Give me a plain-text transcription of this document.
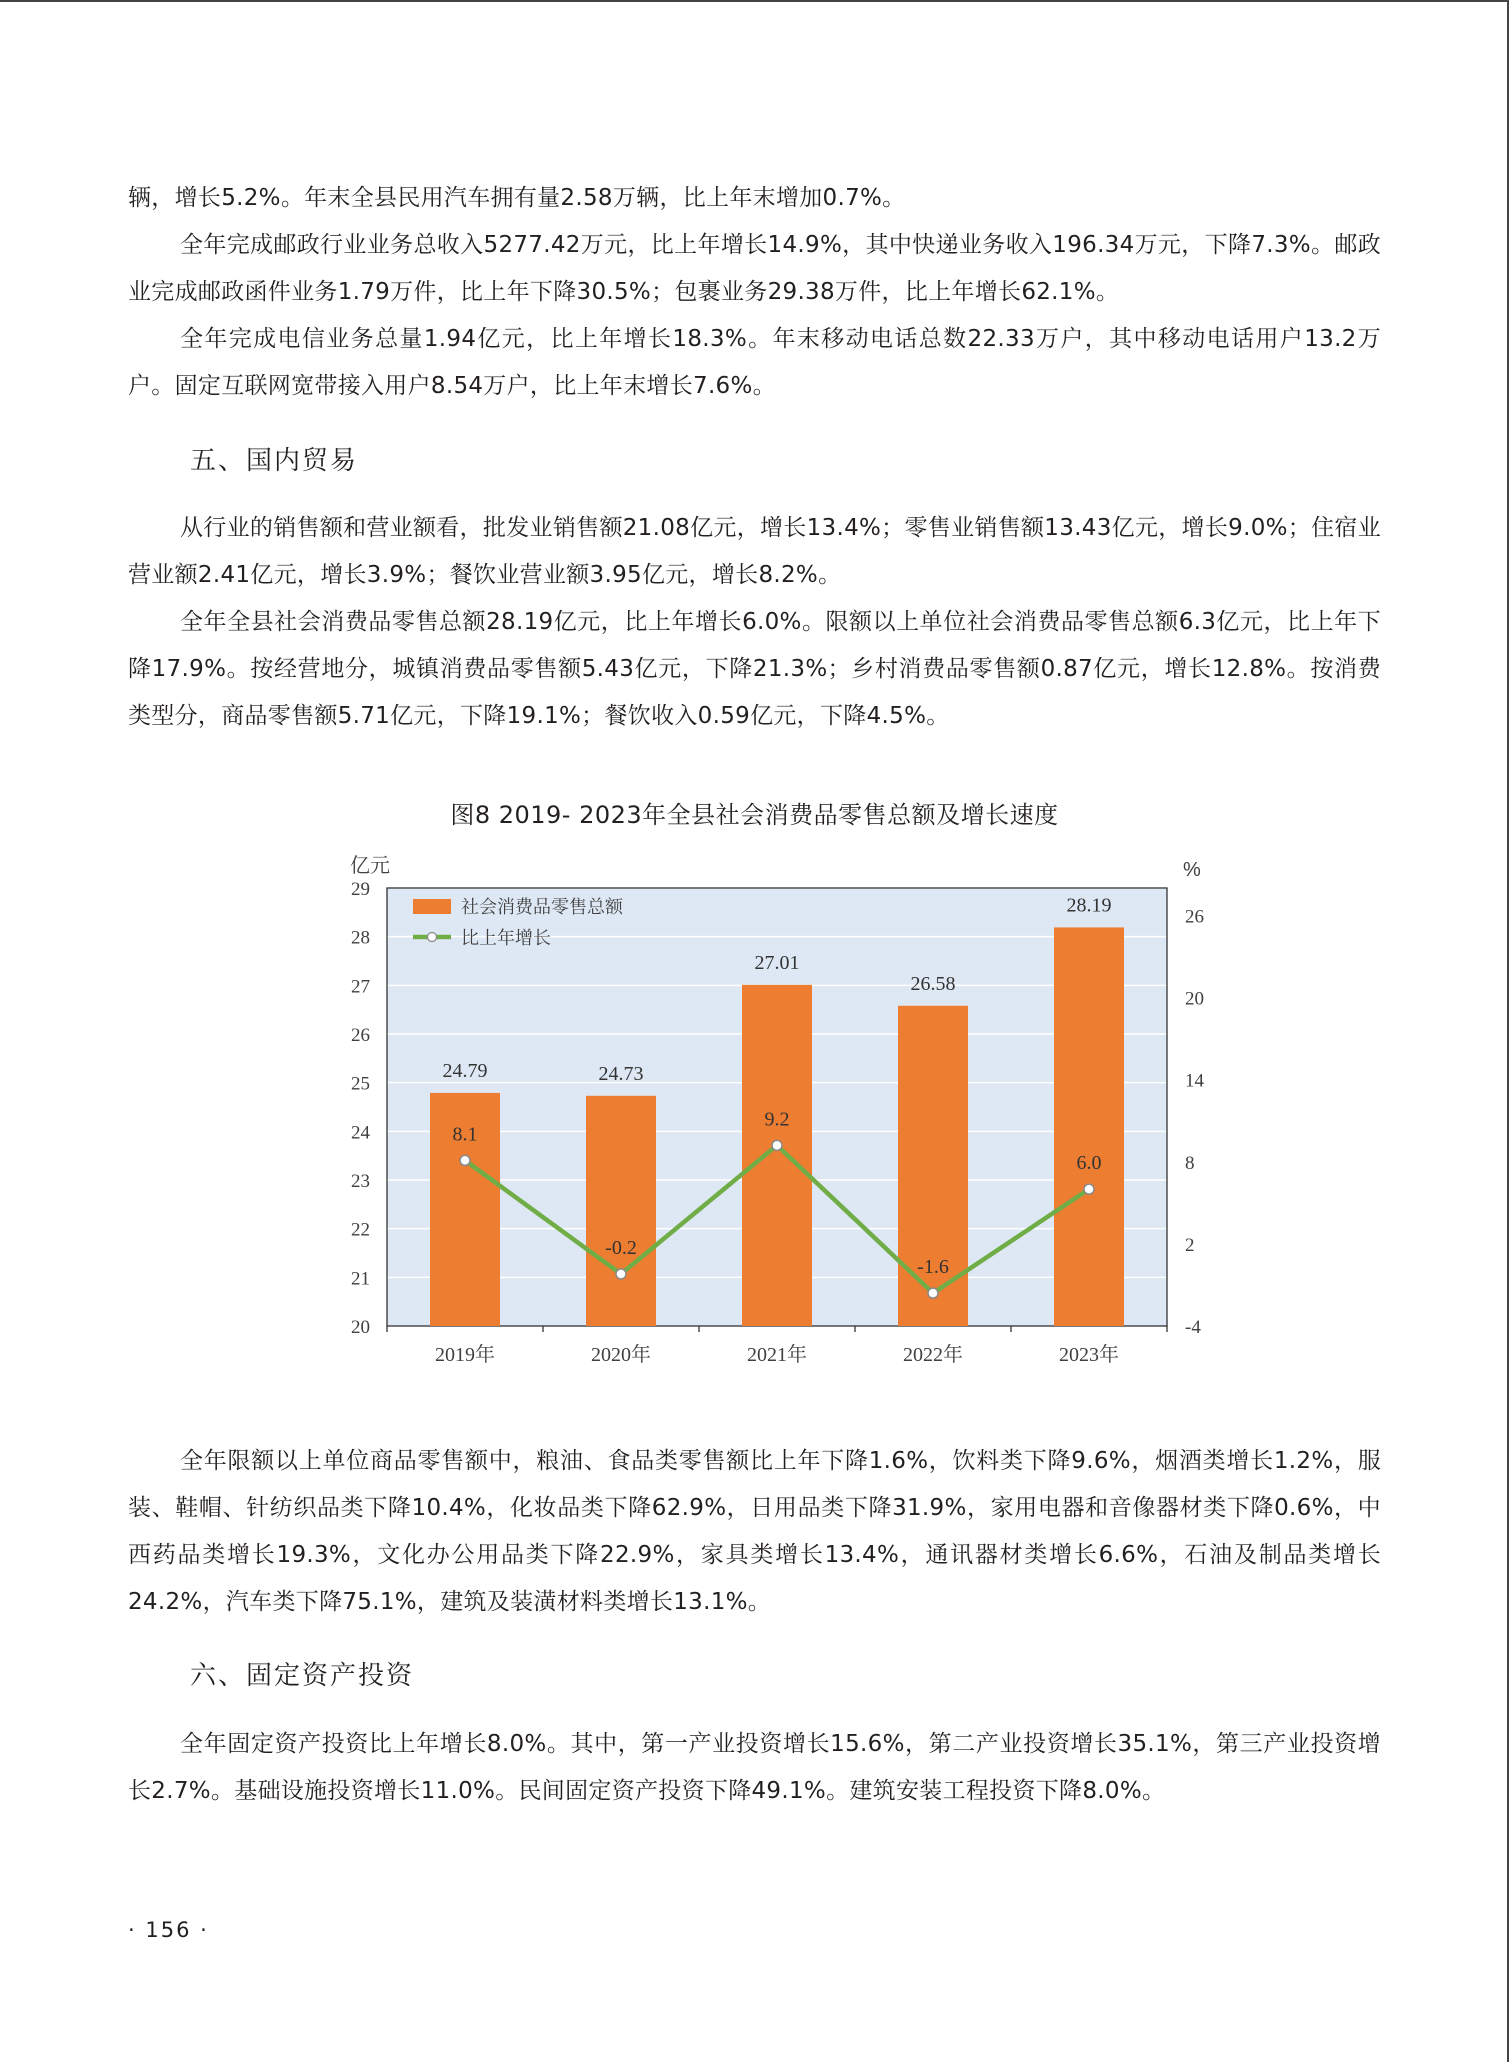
辆，增长5.2%。年末全县民用汽车拥有量2.58万辆，比上年末增加0.7%。

全年完成邮政行业业务总收入5277.42万元，比上年增长14.9%，其中快递业务收入196.34万元，下降7.3%。邮政业完成邮政函件业务1.79万件，比上年下降30.5%；包裹业务29.38万件，比上年增长62.1%。

全年完成电信业务总量1.94亿元，比上年增长18.3%。年末移动电话总数22.33万户，其中移动电话用户13.2万户。固定互联网宽带接入用户8.54万户，比上年末增长7.6%。

五、国内贸易

从行业的销售额和营业额看，批发业销售额21.08亿元，增长13.4%；零售业销售额13.43亿元，增长9.0%；住宿业营业额2.41亿元，增长3.9%；餐饮业营业额3.95亿元，增长8.2%。

全年全县社会消费品零售总额28.19亿元，比上年增长6.0%。限额以上单位社会消费品零售总额6.3亿元，比上年下降17.9%。按经营地分，城镇消费品零售额5.43亿元，下降21.3%；乡村消费品零售额0.87亿元，增长12.8%。按消费类型分，商品零售额5.71亿元，下降19.1%；餐饮收入0.59亿元，下降4.5%。

图8 2019- 2023年全县社会消费品零售总额及增长速度
20
21
22
23
24
25
26
27
28
29
亿元
-4
2
8
14
20
26
%
24.79	24.73
27.01
26.58
28.19
8.1
-0.2
9.2
-1.6
6.0
2019年	2020年	2021年	2022年	2023年
社会消费品零售总额
比上年增长

全年限额以上单位商品零售额中，粮油、食品类零售额比上年下降1.6%，饮料类下降9.6%，烟酒类增长1.2%，服装、鞋帽、针纺织品类下降10.4%，化妆品类下降62.9%，日用品类下降31.9%，家用电器和音像器材类下降0.6%，中西药品类增长19.3%，文化办公用品类下降22.9%，家具类增长13.4%，通讯器材类增长6.6%，石油及制品类增长24.2%，汽车类下降75.1%，建筑及装潢材料类增长13.1%。

六、固定资产投资

全年固定资产投资比上年增长8.0%。其中，第一产业投资增长15.6%，第二产业投资增长35.1%，第三产业投资增长2.7%。基础设施投资增长11.0%。民间固定资产投资下降49.1%。建筑安装工程投资下降8.0%。

· 156 ·
